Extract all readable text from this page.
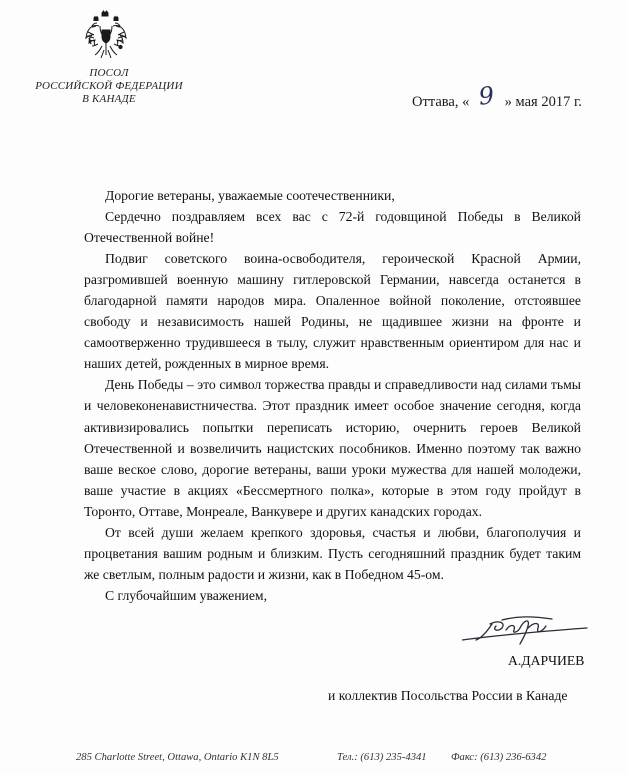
ПОСОЛ
РОССИЙСКОЙ ФЕДЕРАЦИИ
В КАНАДЕ	Оттава, « 9 » мая 2017 г.

Дорогие ветераны, уважаемые соотечественники,

Сердечно поздравляем всех вас с 72-й годовщиной Победы в Великой Отечественной войне!

Подвиг советского воина-освободителя, героической Красной Армии, разгромившей военную машину гитлеровской Германии, навсегда останется в благодарной памяти народов мира. Опаленное войной поколение, отстоявшее свободу и независимость нашей Родины, не щадившее жизни на фронте и самоотверженно трудившееся в тылу, служит нравственным ориентиром для нас и наших детей, рожденных в мирное время.

День Победы – это символ торжества правды и справедливости над силами тьмы и человеконенавистничества. Этот праздник имеет особое значение сегодня, когда активизировались попытки переписать историю, очернить героев Великой Отечественной и возвеличить нацистских пособников. Именно поэтому так важно ваше веское слово, дорогие ветераны, ваши уроки мужества для нашей молодежи, ваше участие в акциях «Бессмертного полка», которые в этом году пройдут в Торонто, Оттаве, Монреале, Ванкувере и других канадских городах.

От всей души желаем крепкого здоровья, счастья и любви, благополучия и процветания вашим родным и близким. Пусть сегодняшний праздник будет таким же светлым, полным радости и жизни, как в Победном 45-ом.

С глубочайшим уважением,

А.ДАРЧИЕВ
и коллектив Посольства России в Канаде
285 Charlotte Street, Ottawa, Ontario K1N 8L5	Тел.: (613) 235-4341 Факс: (613) 236-6342
